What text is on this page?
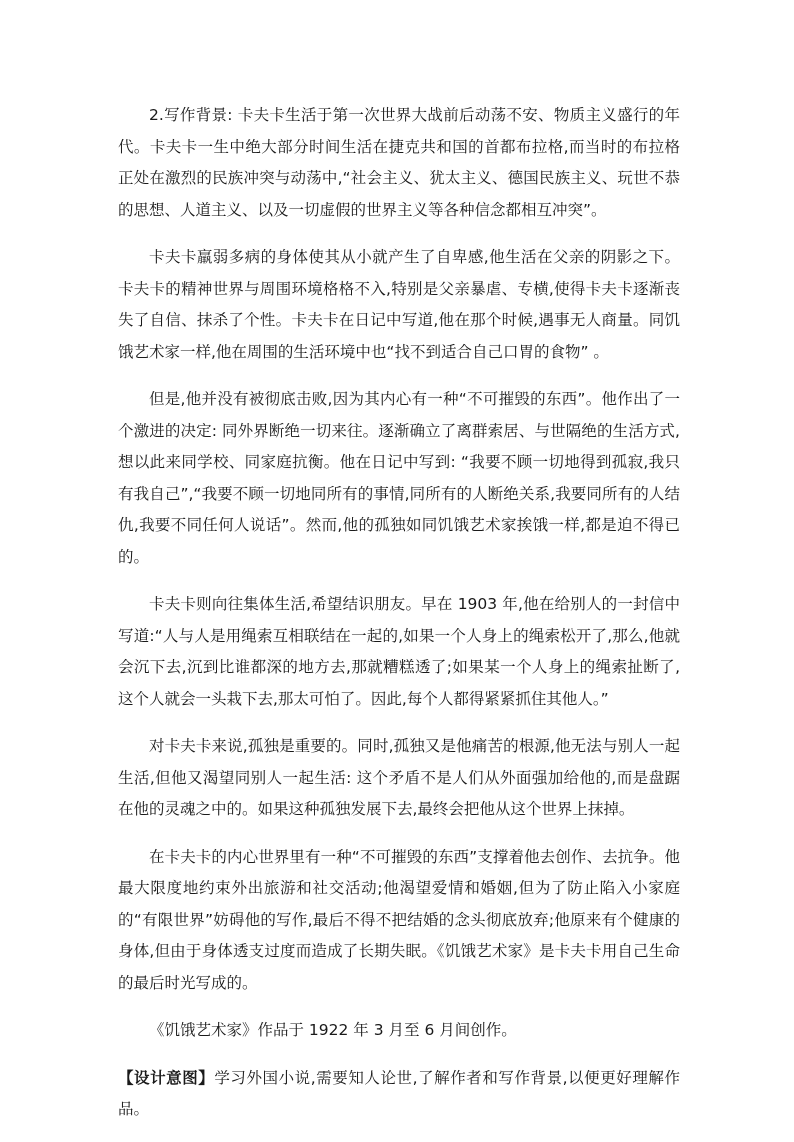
2.写作背景: 卡夫卡生活于第一次世界大战前后动荡不安、物质主义盛行的年代。卡夫卡一生中绝大部分时间生活在捷克共和国的首都布拉格,而当时的布拉格正处在激烈的民族冲突与动荡中,“社会主义、犹太主义、德国民族主义、玩世不恭的思想、人道主义、以及一切虚假的世界主义等各种信念都相互冲突”。

卡夫卡羸弱多病的身体使其从小就产生了自卑感,他生活在父亲的阴影之下。卡夫卡的精神世界与周围环境格格不入,特别是父亲暴虐、专横,使得卡夫卡逐渐丧失了自信、抹杀了个性。卡夫卡在日记中写道,他在那个时候,遇事无人商量。同饥饿艺术家一样,他在周围的生活环境中也“找不到适合自己口胃的食物” 。

但是,他并没有被彻底击败,因为其内心有一种“不可摧毁的东西”。他作出了一个激进的决定: 同外界断绝一切来往。逐渐确立了离群索居、与世隔绝的生活方式,想以此来同学校、同家庭抗衡。他在日记中写到: “我要不顾一切地得到孤寂,我只有我自己”,“我要不顾一切地同所有的事情,同所有的人断绝关系,我要同所有的人结仇,我要不同任何人说话”。然而,他的孤独如同饥饿艺术家挨饿一样,都是迫不得已的。

卡夫卡则向往集体生活,希望结识朋友。早在 1903 年,他在给别人的一封信中写道:“人与人是用绳索互相联结在一起的,如果一个人身上的绳索松开了,那么,他就会沉下去,沉到比谁都深的地方去,那就糟糕透了;如果某一个人身上的绳索扯断了,这个人就会一头栽下去,那太可怕了。因此,每个人都得紧紧抓住其他人。”

对卡夫卡来说,孤独是重要的。同时,孤独又是他痛苦的根源,他无法与别人一起生活,但他又渴望同别人一起生活: 这个矛盾不是人们从外面强加给他的,而是盘踞在他的灵魂之中的。如果这种孤独发展下去,最终会把他从这个世界上抹掉。

在卡夫卡的内心世界里有一种“不可摧毁的东西”支撑着他去创作、去抗争。他最大限度地约束外出旅游和社交活动;他渴望爱情和婚姻,但为了防止陷入小家庭的“有限世界”妨碍他的写作,最后不得不把结婚的念头彻底放弃;他原来有个健康的身体,但由于身体透支过度而造成了长期失眠。《饥饿艺术家》是卡夫卡用自己生命的最后时光写成的。

《饥饿艺术家》作品于 1922 年 3 月至 6 月间创作。

【设计意图】学习外国小说,需要知人论世,了解作者和写作背景,以便更好理解作品。
